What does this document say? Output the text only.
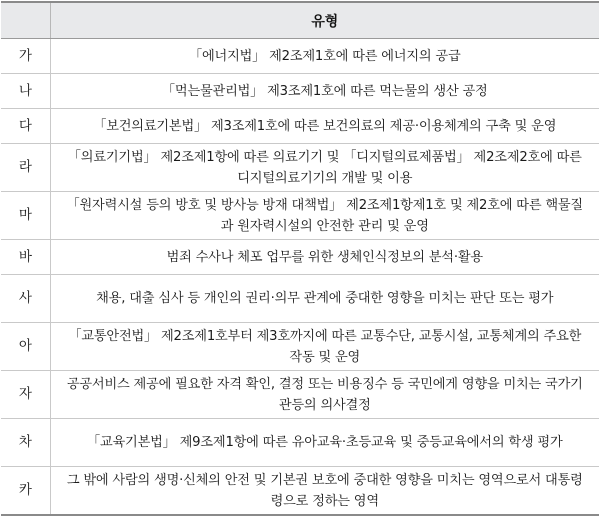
	유형
가	「에너지법」 제2조제1호에 따른 에너지의 공급
나	「먹는물관리법」 제3조제1호에 따른 먹는물의 생산 공정
다	「보건의료기본법」 제3조제1호에 따른 보건의료의 제공·이용체계의 구축 및 운영
라	「의료기기법」 제2조제1항에 따른 의료기기 및 「디지털의료제품법」 제2조제2호에 따른 디지털의료기기의 개발 및 이용
마	「원자력시설 등의 방호 및 방사능 방재 대책법」 제2조제1항제1호 및 제2호에 따른 핵물질과 원자력시설의 안전한 관리 및 운영
바	범죄 수사나 체포 업무를 위한 생체인식정보의 분석·활용
사	채용, 대출 심사 등 개인의 권리·의무 관계에 중대한 영향을 미치는 판단 또는 평가
아	「교통안전법」 제2조제1호부터 제3호까지에 따른 교통수단, 교통시설, 교통체계의 주요한 작동 및 운영
자	공공서비스 제공에 필요한 자격 확인, 결정 또는 비용징수 등 국민에게 영향을 미치는 국가기관등의 의사결정
차	「교육기본법」 제9조제1항에 따른 유아교육·초등교육 및 중등교육에서의 학생 평가
카	그 밖에 사람의 생명·신체의 안전 및 기본권 보호에 중대한 영향을 미치는 영역으로서 대통령령으로 정하는 영역
